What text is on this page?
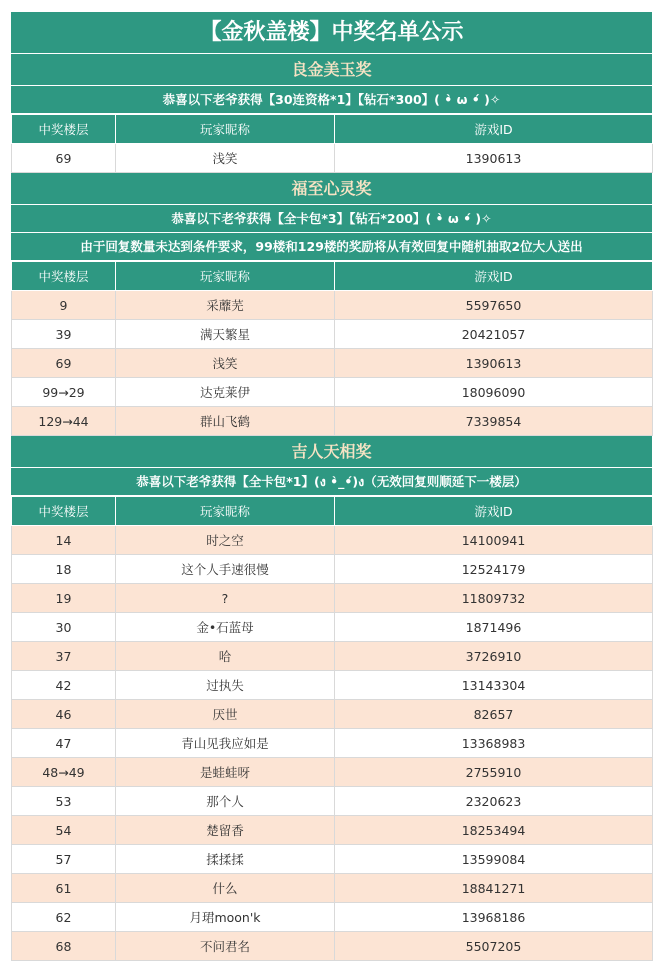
【金秋盖楼】中奖名单公示
良金美玉奖
恭喜以下老爷获得【30连资格*1】【钻石*300】( •̀ ω •́ )✧
中奖楼层	玩家昵称	游戏ID
69	浅笑	1390613
福至心灵奖
恭喜以下老爷获得【全卡包*3】【钻石*200】( •̀ ω •́ )✧
由于回复数量未达到条件要求，99楼和129楼的奖励将从有效回复中随机抽取2位大人送出
中奖楼层	玩家昵称	游戏ID
9	采蘼芜	5597650
39	满天繁星	20421057
69	浅笑	1390613
99→29	达克莱伊	18096090
129→44	群山飞鹤	7339854
吉人天相奖
恭喜以下老爷获得【全卡包*1】(ง •̀_•́)ง（无效回复则顺延下一楼层）
中奖楼层	玩家昵称	游戏ID
14	时之空	14100941
18	这个人手速很慢	12524179
19	?	11809732
30	金•石蓝母	1871496
37	哈	3726910
42	过执失	13143304
46	厌世	82657
47	青山见我应如是	13368983
48→49	是蛙蛙呀	2755910
53	那个人	2320623
54	楚留香	18253494
57	揉揉揉	13599084
61	什么	18841271
62	月珺moon'k	13968186
68	不问君名	5507205
